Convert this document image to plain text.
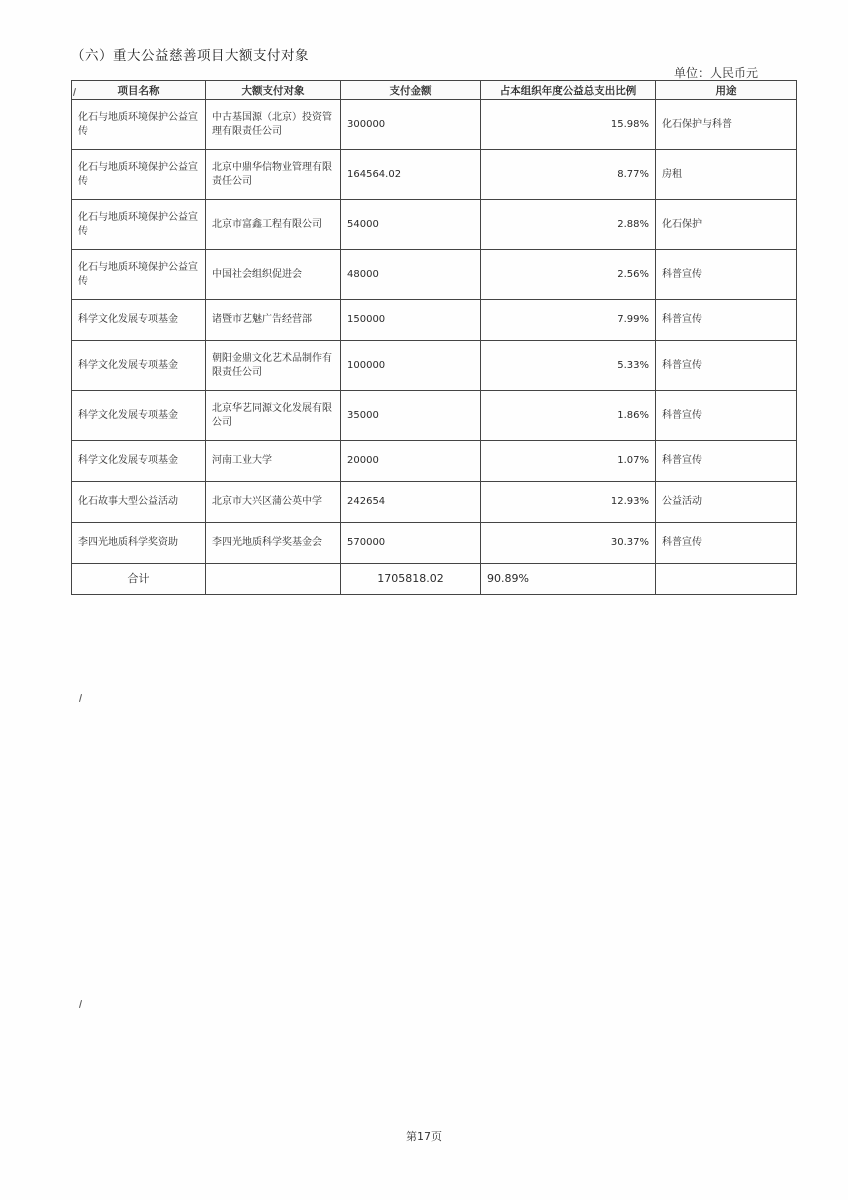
（六）重大公益慈善项目大额支付对象
单位：人民币元
项目名称	大额支付对象	支付金额	占本组织年度公益总支出比例	用途
化石与地质环境保护公益宣传	中古基国源（北京）投资管理有限责任公司	300000	15.98%	化石保护与科普
化石与地质环境保护公益宣传	北京中鼎华信物业管理有限责任公司	164564.02	8.77%	房租
化石与地质环境保护公益宣传	北京市富鑫工程有限公司	54000	2.88%	化石保护
化石与地质环境保护公益宣传	中国社会组织促进会	48000	2.56%	科普宣传
科学文化发展专项基金	诸暨市艺魅广告经营部	150000	7.99%	科普宣传
科学文化发展专项基金	朝阳金鼎文化艺术品制作有限责任公司	100000	5.33%	科普宣传
科学文化发展专项基金	北京华艺同源文化发展有限公司	35000	1.86%	科普宣传
科学文化发展专项基金	河南工业大学	20000	1.07%	科普宣传
化石故事大型公益活动	北京市大兴区蒲公英中学	242654	12.93%	公益活动
李四光地质科学奖资助	李四光地质科学奖基金会	570000	30.37%	科普宣传
合计		1705818.02	90.89%	
第17页
